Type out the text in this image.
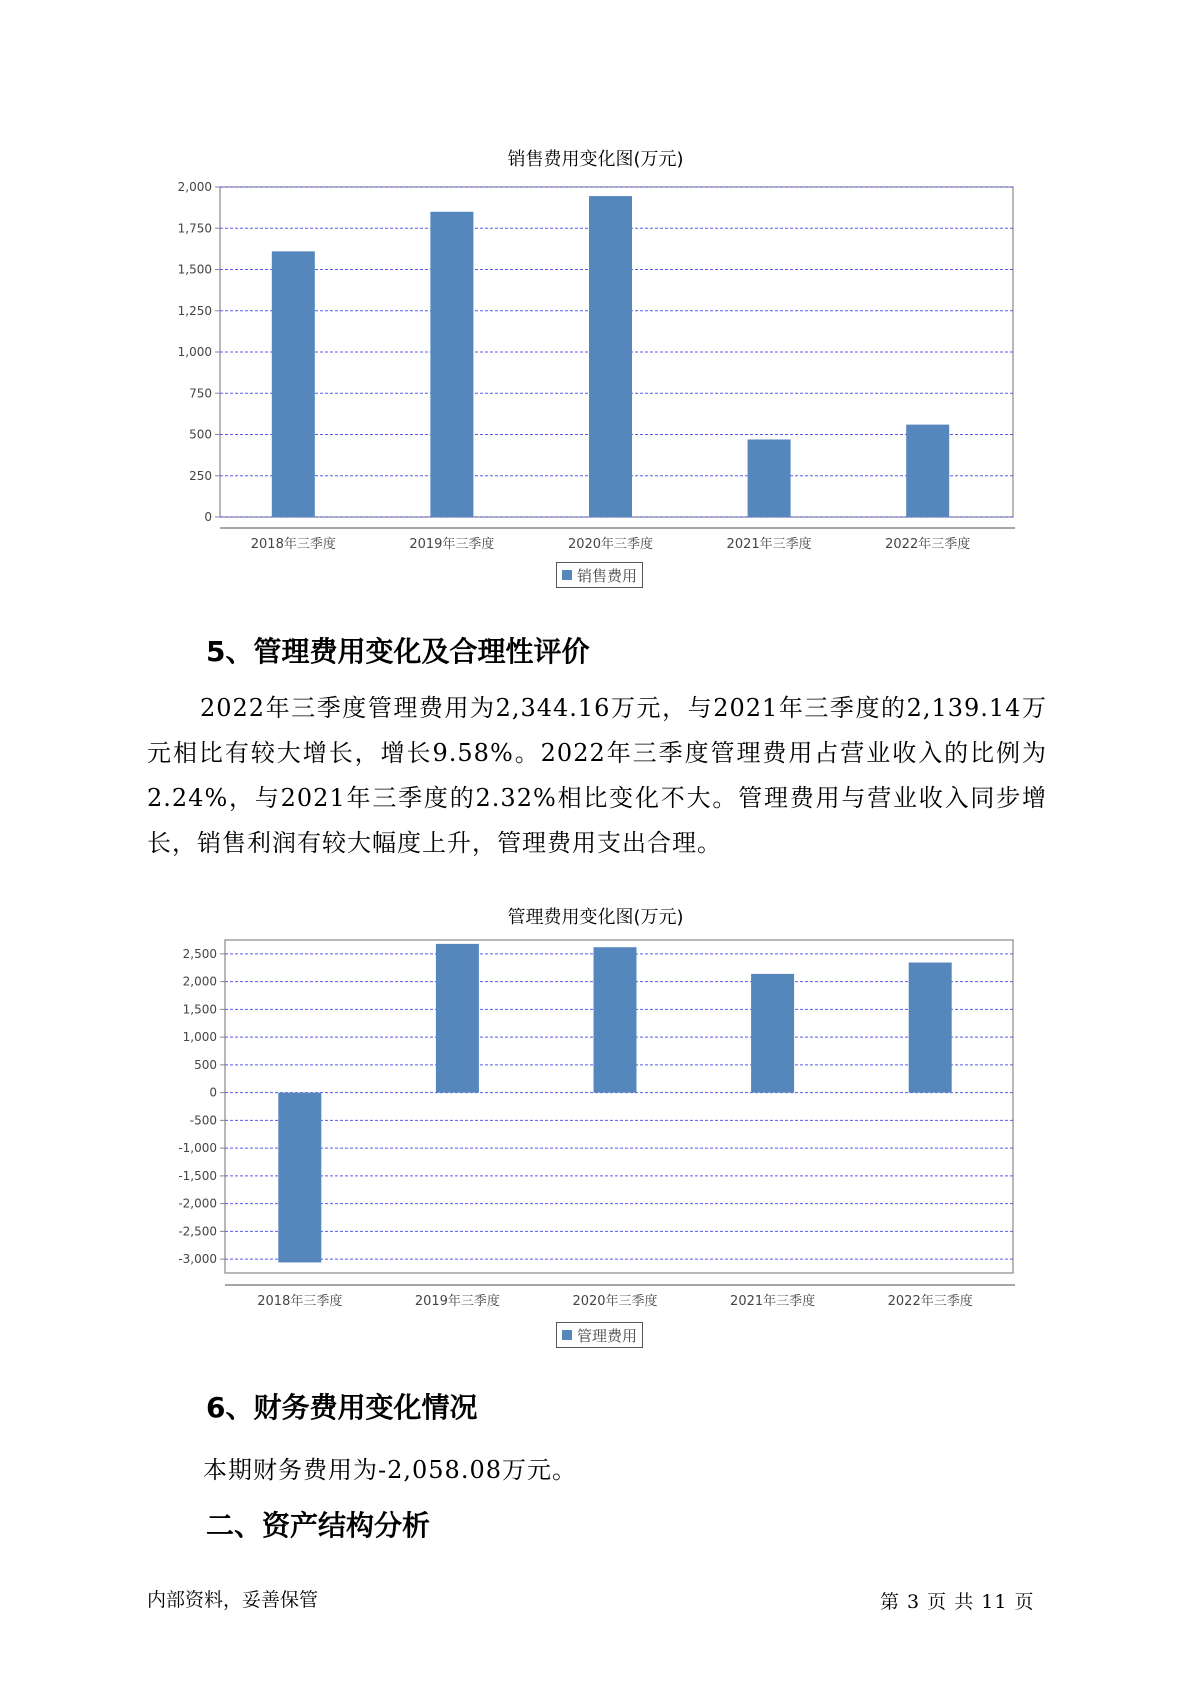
销售费用变化图(万元)
0
250
500
750
1,000
1,250
1,500
1,750
2,000
2018年三季度	2019年三季度	2020年三季度	2021年三季度	2022年三季度
销售费用
5、管理费用变化及合理性评价

2022年三季度管理费用为2,344.16万元，与2021年三季度的2,139.14万元相比有较大增长，增长9.58%。2022年三季度管理费用占营业收入的比例为2.24%，与2021年三季度的2.32%相比变化不大。管理费用与营业收入同步增长，销售利润有较大幅度上升，管理费用支出合理。

管理费用变化图(万元)
-3,000
-2,500
-2,000
-1,500
-1,000
-500
0
500
1,000
1,500
2,000
2,500
2018年三季度	2019年三季度	2020年三季度	2021年三季度	2022年三季度
管理费用
6、财务费用变化情况
本期财务费用为-2,058.08万元。
二、资产结构分析
内部资料，妥善保管	第 3 页 共 11 页
